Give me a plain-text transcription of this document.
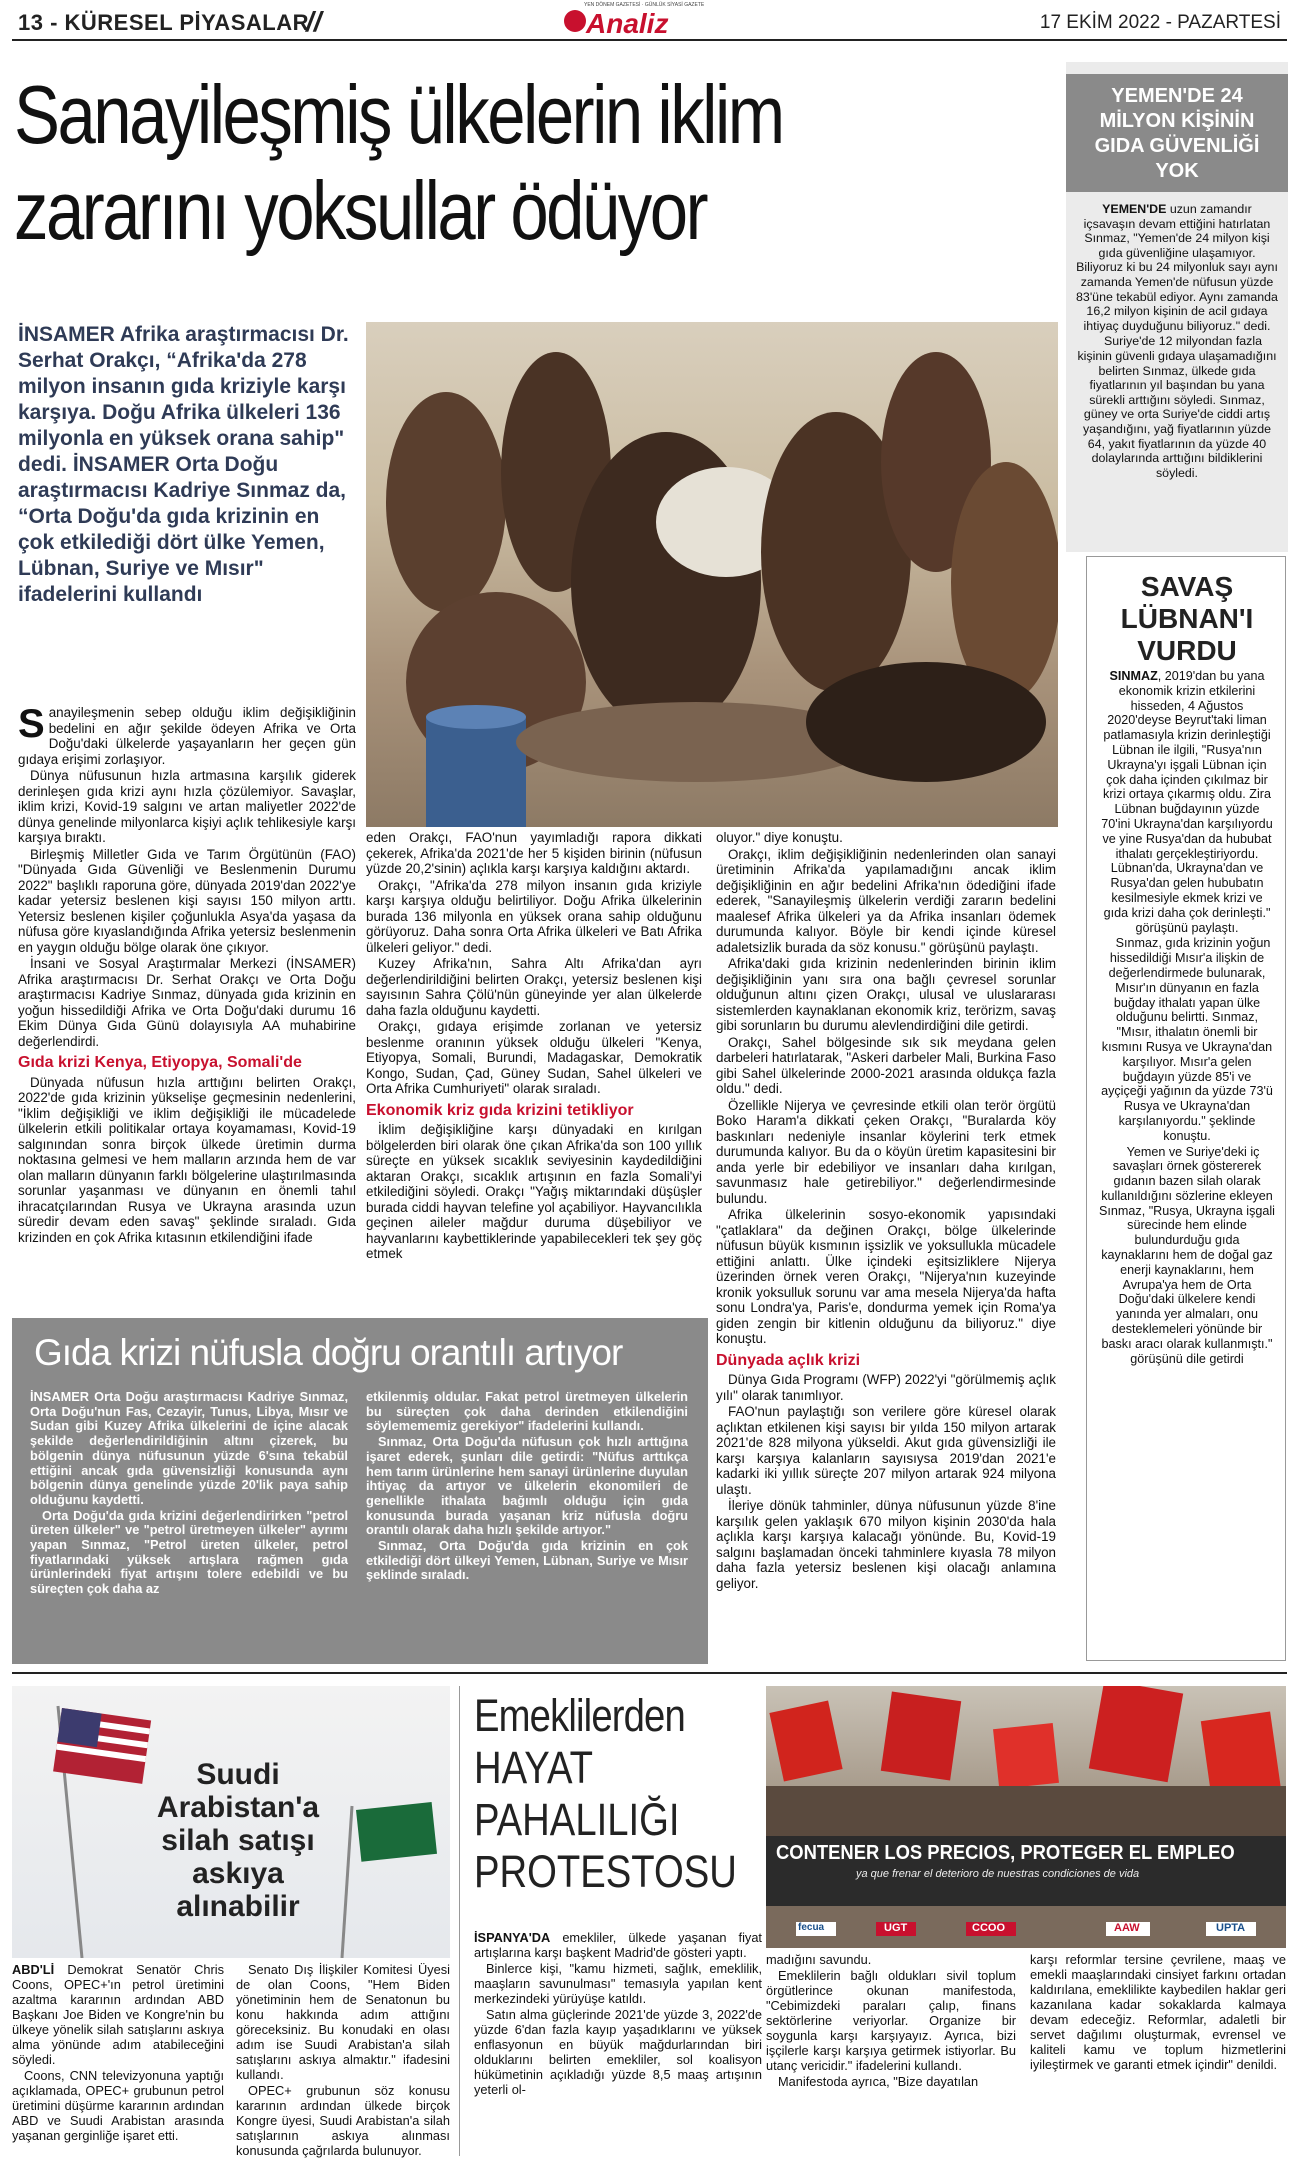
13 - KÜRESEL PİYASALAR
//
YEN DÖNEM GAZETESİ · GÜNLÜK SİYASİ GAZETE
Analiz	17 EKİM 2022 - PAZARTESİ
Sanayileşmiş ülkelerin iklim
zararını yoksullar ödüyor
İNSAMER Afrika araştırmacısı Dr. Serhat Orakçı, “Afrika'da 278 milyon insanın gıda kriziyle karşı karşıya. Doğu Afrika ülkeleri 136 milyonla en yüksek orana sahip" dedi. İNSAMER Orta Doğu araştırmacısı Kadriye Sınmaz da, “Orta Doğu'da gıda krizinin en çok etkilediği dört ülke Yemen, Lübnan, Suriye ve Mısır" ifadelerini kullandı
YEMEN'DE 24 MİLYON KİŞİNİN GIDA GÜVENLİĞİ YOK

YEMEN'DE uzun zamandır içsavaşın devam ettiğini hatırlatan Sınmaz, "Yemen'de 24 milyon kişi gıda güvenliğine ulaşamıyor. Biliyoruz ki bu 24 milyonluk sayı aynı zamanda Yemen'de nüfusun yüzde 83'üne tekabül ediyor. Aynı zamanda 16,2 milyon kişinin de acil gıdaya ihtiyaç duyduğunu biliyoruz." dedi.

Suriye'de 12 milyondan fazla kişinin güvenli gıdaya ulaşamadığını belirten Sınmaz, ülkede gıda fiyatlarının yıl başından bu yana sürekli arttığını söyledi. Sınmaz, güney ve orta Suriye'de ciddi artış yaşandığını, yağ fiyatlarının yüzde 64, yakıt fiyatlarının da yüzde 40 dolaylarında arttığını bildiklerini söyledi.

SAVAŞ LÜBNAN'I VURDU

SINMAZ, 2019'dan bu yana ekonomik krizin etkilerini hisseden, 4 Ağustos 2020'deyse Beyrut'taki liman patlamasıyla krizin derinleştiği Lübnan ile ilgili, "Rusya'nın Ukrayna'yı işgali Lübnan için çok daha içinden çıkılmaz bir krizi ortaya çıkarmış oldu. Zira Lübnan buğdayının yüzde 70'ini Ukrayna'dan karşılıyordu ve yine Rusya'dan da hububat ithalatı gerçekleştiriyordu. Lübnan'da, Ukrayna'dan ve Rusya'dan gelen hububatın kesilmesiyle ekmek krizi ve gıda krizi daha çok derinleşti." görüşünü paylaştı.

Sınmaz, gıda krizinin yoğun hissedildiği Mısır'a ilişkin de değerlendirmede bulunarak, Mısır'ın dünyanın en fazla buğday ithalatı yapan ülke olduğunu belirtti. Sınmaz, "Mısır, ithalatın önemli bir kısmını Rusya ve Ukrayna'dan karşılıyor. Mısır'a gelen buğdayın yüzde 85'i ve ayçiçeği yağının da yüzde 73'ü Rusya ve Ukrayna'dan karşılanıyordu." şeklinde konuştu.

Yemen ve Suriye'deki iç savaşları örnek göstererek gıdanın bazen silah olarak kullanıldığını sözlerine ekleyen Sınmaz, "Rusya, Ukrayna işgali sürecinde hem elinde bulundurduğu gıda kaynaklarını hem de doğal gaz enerji kaynaklarını, hem Avrupa'ya hem de Orta Doğu'daki ülkelere kendi yanında yer almaları, onu desteklemeleri yönünde bir baskı aracı olarak kullanmıştı." görüşünü dile getirdi

Sanayileşmenin sebep olduğu iklim değişikliğinin bedelini en ağır şekilde ödeyen Afrika ve Orta Doğu'daki ülkelerde yaşayanların her geçen gün gıdaya erişimi zorlaşıyor.

Dünya nüfusunun hızla artmasına karşılık giderek derinleşen gıda krizi aynı hızla çözülemiyor. Savaşlar, iklim krizi, Kovid-19 salgını ve artan maliyetler 2022'de dünya genelinde milyonlarca kişiyi açlık tehlikesiyle karşı karşıya bıraktı.

Birleşmiş Milletler Gıda ve Tarım Örgütünün (FAO) "Dünyada Gıda Güvenliği ve Beslenmenin Durumu 2022" başlıklı raporuna göre, dünyada 2019'dan 2022'ye kadar yetersiz beslenen kişi sayısı 150 milyon arttı. Yetersiz beslenen kişiler çoğunlukla Asya'da yaşasa da nüfusa göre kıyaslandığında Afrika yetersiz beslenmenin en yaygın olduğu bölge olarak öne çıkıyor.

İnsani ve Sosyal Araştırmalar Merkezi (İNSAMER) Afrika araştırmacısı Dr. Serhat Orakçı ve Orta Doğu araştırmacısı Kadriye Sınmaz, dünyada gıda krizinin en yoğun hissedildiği Afrika ve Orta Doğu'daki durumu 16 Ekim Dünya Gıda Günü dolayısıyla AA muhabirine değerlendirdi.

Gıda krizi Kenya, Etiyopya, Somali'de

Dünyada nüfusun hızla arttığını belirten Orakçı, 2022'de gıda krizinin yükselişe geçmesinin nedenlerini, "İklim değişikliği ve iklim değişikliği ile mücadelede ülkelerin etkili politikalar ortaya koyamaması, Kovid-19 salgınından sonra birçok ülkede üretimin durma noktasına gelmesi ve hem malların arzında hem de var olan malların dünyanın farklı bölgelerine ulaştırılmasında sorunlar yaşanması ve dünyanın en önemli tahıl ihracatçılarından Rusya ve Ukrayna arasında uzun süredir devam eden savaş" şeklinde sıraladı. Gıda krizinden en çok Afrika kıtasının etkilendiğini ifade

eden Orakçı, FAO'nun yayımladığı rapora dikkati çekerek, Afrika'da 2021'de her 5 kişiden birinin (nüfusun yüzde 20,2'sinin) açlıkla karşı karşıya kaldığını aktardı.

Orakçı, "Afrika'da 278 milyon insanın gıda kriziyle karşı karşıya olduğu belirtiliyor. Doğu Afrika ülkelerinin burada 136 milyonla en yüksek orana sahip olduğunu görüyoruz. Daha sonra Orta Afrika ülkeleri ve Batı Afrika ülkeleri geliyor." dedi.

Kuzey Afrika'nın, Sahra Altı Afrika'dan ayrı değerlendirildiğini belirten Orakçı, yetersiz beslenen kişi sayısının Sahra Çölü'nün güneyinde yer alan ülkelerde daha fazla olduğunu kaydetti.

Orakçı, gıdaya erişimde zorlanan ve yetersiz beslenme oranının yüksek olduğu ülkeleri "Kenya, Etiyopya, Somali, Burundi, Madagaskar, Demokratik Kongo, Sudan, Çad, Güney Sudan, Sahel ülkeleri ve Orta Afrika Cumhuriyeti" olarak sıraladı.

Ekonomik kriz gıda krizini tetikliyor

İklim değişikliğine karşı dünyadaki en kırılgan bölgelerden biri olarak öne çıkan Afrika'da son 100 yıllık süreçte en yüksek sıcaklık seviyesinin kaydedildiğini aktaran Orakçı, sıcaklık artışının en fazla Somali'yi etkilediğini söyledi. Orakçı "Yağış miktarındaki düşüşler burada ciddi hayvan telefine yol açabiliyor. Hayvancılıkla geçinen aileler mağdur duruma düşebiliyor ve hayvanlarını kaybettiklerinde yapabilecekleri tek şey göç etmek

oluyor." diye konuştu.

Orakçı, iklim değişikliğinin nedenlerinden olan sanayi üretiminin Afrika'da yapılamadığını ancak iklim değişikliğinin en ağır bedelini Afrika'nın ödediğini ifade ederek, "Sanayileşmiş ülkelerin verdiği zararın bedelini maalesef Afrika ülkeleri ya da Afrika insanları ödemek durumunda kalıyor. Böyle bir kendi içinde küresel adaletsizlik burada da söz konusu." görüşünü paylaştı.

Afrika'daki gıda krizinin nedenlerinden birinin iklim değişikliğinin yanı sıra ona bağlı çevresel sorunlar olduğunun altını çizen Orakçı, ulusal ve uluslararası sistemlerden kaynaklanan ekonomik kriz, terörizm, savaş gibi sorunların bu durumu alevlendirdiğini dile getirdi.

Orakçı, Sahel bölgesinde sık sık meydana gelen darbeleri hatırlatarak, "Askeri darbeler Mali, Burkina Faso gibi Sahel ülkelerinde 2000-2021 arasında oldukça fazla oldu." dedi.

Özellikle Nijerya ve çevresinde etkili olan terör örgütü Boko Haram'a dikkati çeken Orakçı, "Buralarda köy baskınları nedeniyle insanlar köylerini terk etmek durumunda kalıyor. Bu da o köyün üretim kapasitesini bir anda yerle bir edebiliyor ve insanları daha kırılgan, savunmasız hale getirebiliyor." değerlendirmesinde bulundu.

Afrika ülkelerinin sosyo-ekonomik yapısındaki "çatlaklara" da değinen Orakçı, bölge ülkelerinde nüfusun büyük kısmının işsizlik ve yoksullukla mücadele ettiğini anlattı. Ülke içindeki eşitsizliklere Nijerya üzerinden örnek veren Orakçı, "Nijerya'nın kuzeyinde kronik yoksulluk sorunu var ama mesela Nijerya'da hafta sonu Londra'ya, Paris'e, dondurma yemek için Roma'ya giden zengin bir kitlenin olduğunu da biliyoruz." diye konuştu.

Dünyada açlık krizi

Dünya Gıda Programı (WFP) 2022'yi "görülmemiş açlık yılı" olarak tanımlıyor.

FAO'nun paylaştığı son verilere göre küresel olarak açlıktan etkilenen kişi sayısı bir yılda 150 milyon artarak 2021'de 828 milyona yükseldi. Akut gıda güvensizliği ile karşı karşıya kalanların sayısıysa 2019'dan 2021'e kadarki iki yıllık süreçte 207 milyon artarak 924 milyona ulaştı.

İleriye dönük tahminler, dünya nüfusunun yüzde 8'ine karşılık gelen yaklaşık 670 milyon kişinin 2030'da hala açlıkla karşı karşıya kalacağı yönünde. Bu, Kovid-19 salgını başlamadan önceki tahminlere kıyasla 78 milyon daha fazla yetersiz beslenen kişi olacağı anlamına geliyor.

Gıda krizi nüfusla doğru orantılı artıyor

İNSAMER Orta Doğu araştırmacısı Kadriye Sınmaz, Orta Doğu'nun Fas, Cezayir, Tunus, Libya, Mısır ve Sudan gibi Kuzey Afrika ülkelerini de içine alacak şekilde değerlendirildiğinin altını çizerek, bu bölgenin dünya nüfusunun yüzde 6'sına tekabül ettiğini ancak gıda güvensizliği konusunda aynı bölgenin dünya genelinde yüzde 20'lik paya sahip olduğunu kaydetti.

Orta Doğu'da gıda krizini değerlendirirken "petrol üreten ülkeler" ve "petrol üretmeyen ülkeler" ayrımı yapan Sınmaz, "Petrol üreten ülkeler, petrol fiyatlarındaki yüksek artışlara rağmen gıda ürünlerindeki fiyat artışını tolere edebildi ve bu süreçten çok daha az

etkilenmiş oldular. Fakat petrol üretmeyen ülkelerin bu süreçten çok daha derinden etkilendiğini söylemememiz gerekiyor" ifadelerini kullandı.

Sınmaz, Orta Doğu'da nüfusun çok hızlı arttığına işaret ederek, şunları dile getirdi: "Nüfus arttıkça hem tarım ürünlerine hem sanayi ürünlerine duyulan ihtiyaç da artıyor ve ülkelerin ekonomileri de genellikle ithalata bağımlı olduğu için gıda konusunda burada yaşanan kriz nüfusla doğru orantılı olarak daha hızlı şekilde artıyor."

Sınmaz, Orta Doğu'da gıda krizinin en çok etkilediği dört ülkeyi Yemen, Lübnan, Suriye ve Mısır şeklinde sıraladı.

Suudi
Arabistan'a
silah satışı
askıya
alınabilir

ABD'Lİ Demokrat Senatör Chris Coons, OPEC+'ın petrol üretimini azaltma kararının ardından ABD Başkanı Joe Biden ve Kongre'nin bu ülkeye yönelik silah satışlarını askıya alma yönünde adım atabileceğini söyledi.

Coons, CNN televizyonuna yaptığı açıklamada, OPEC+ grubunun petrol üretimini düşürme kararının ardından ABD ve Suudi Arabistan arasında yaşanan gerginliğe işaret etti.

Senato Dış İlişkiler Komitesi Üyesi de olan Coons, "Hem Biden yönetiminin hem de Senatonun bu konu hakkında adım attığını göreceksiniz. Bu konudaki en olası adım ise Suudi Arabistan'a silah satışlarını askıya almaktır." ifadesini kullandı.

OPEC+ grubunun söz konusu kararının ardından ülkede birçok Kongre üyesi, Suudi Arabistan'a silah satışlarının askıya alınması konusunda çağrılarda bulunuyor.

Emeklilerden
HAYAT
PAHALILIĞI
PROTESTOSU

İSPANYA'DA emekliler, ülkede yaşanan fiyat artışlarına karşı başkent Madrid'de gösteri yaptı.

Binlerce kişi, "kamu hizmeti, sağlık, emeklilik, maaşların savunulması" temasıyla yapılan kent merkezindeki yürüyüşe katıldı.

Satın alma güçlerinde 2021'de yüzde 3, 2022'de yüzde 6'dan fazla kayıp yaşadıklarını ve yüksek enflasyonun en büyük mağdurlarından biri olduklarını belirten emekliler, sol koalisyon hükümetinin açıkladığı yüzde 8,5 maaş artışının yeterli ol-

CONTENER LOS PRECIOS, PROTEGER EL EMPLEO
ya que frenar el deterioro de nuestras condiciones de vida
fecua	UGT	CCOO	AAW	UPTA

madığını savundu.

Emeklilerin bağlı oldukları sivil toplum örgütlerince okunan manifestoda, "Cebimizdeki paraları çalıp, finans sektörlerine veriyorlar. Organize bir soygunla karşı karşıyayız. Ayrıca, bizi işçilerle karşı karşıya getirmek istiyorlar. Bu utanç vericidir." ifadelerini kullandı.

Manifestoda ayrıca, "Bize dayatılan

karşı reformlar tersine çevrilene, maaş ve emekli maaşlarındaki cinsiyet farkını ortadan kaldırılana, emeklilikte kaybedilen haklar geri kazanılana kadar sokaklarda kalmaya devam edeceğiz. Reformlar, adaletli bir servet dağılımı oluşturmak, evrensel ve kaliteli kamu ve toplum hizmetlerini iyileştirmek ve garanti etmek içindir" denildi.
